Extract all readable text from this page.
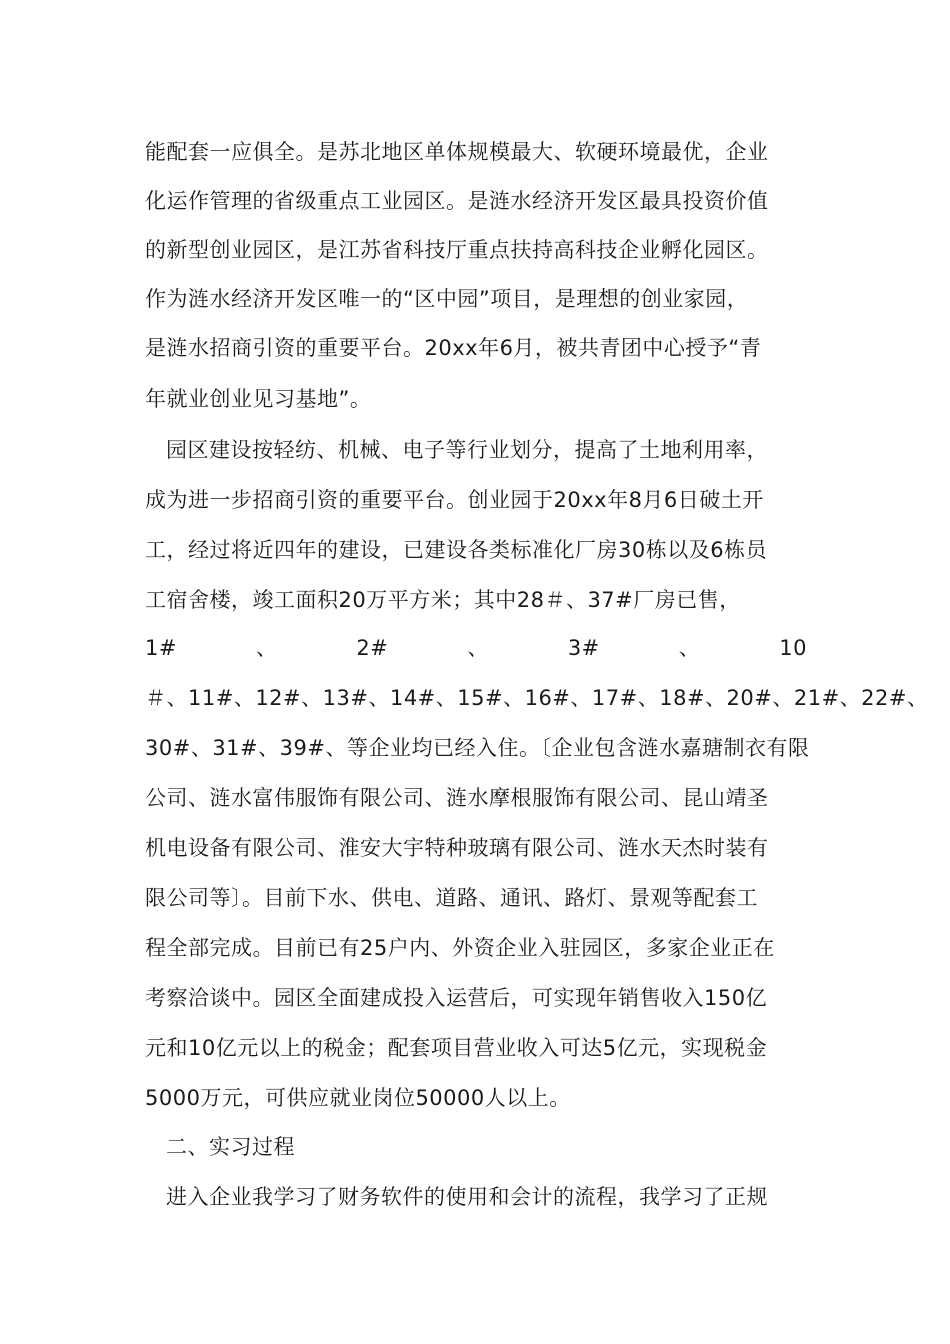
能配套一应俱全。是苏北地区单体规模最大、软硬环境最优，企业
化运作管理的省级重点工业园区。是涟水经济开发区最具投资价值
的新型创业园区，是江苏省科技厅重点扶持高科技企业孵化园区。
作为涟水经济开发区唯一的“区中园”项目，是理想的创业家园，
是涟水招商引资的重要平台。20xx年6月，被共青团中心授予“青
年就业创业见习基地”。
园区建设按轻纺、机械、电子等行业划分，提高了土地利用率，
成为进一步招商引资的重要平台。创业园于20xx年8月6日破土开
工，经过将近四年的建设，已建设各类标准化厂房30栋以及6栋员
工宿舍楼，竣工面积20万平方米；其中28＃、37#厂房已售，
1#	、	2#	、	3#	、	10
＃、11#、12#、13#、14#、15#、16#、17#、18#、20#、21#、22#、
30#、31#、39#、等企业均已经入住。〔企业包含涟水嘉瑭制衣有限
公司、涟水富伟服饰有限公司、涟水摩根服饰有限公司、昆山靖圣
机电设备有限公司、淮安大宇特种玻璃有限公司、涟水天杰时装有
限公司等〕。目前下水、供电、道路、通讯、路灯、景观等配套工
程全部完成。目前已有25户内、外资企业入驻园区，多家企业正在
考察洽谈中。园区全面建成投入运营后，可实现年销售收入150亿
元和10亿元以上的税金；配套项目营业收入可达5亿元，实现税金
5000万元，可供应就业岗位50000人以上。
二、实习过程
进入企业我学习了财务软件的使用和会计的流程，我学习了正规
